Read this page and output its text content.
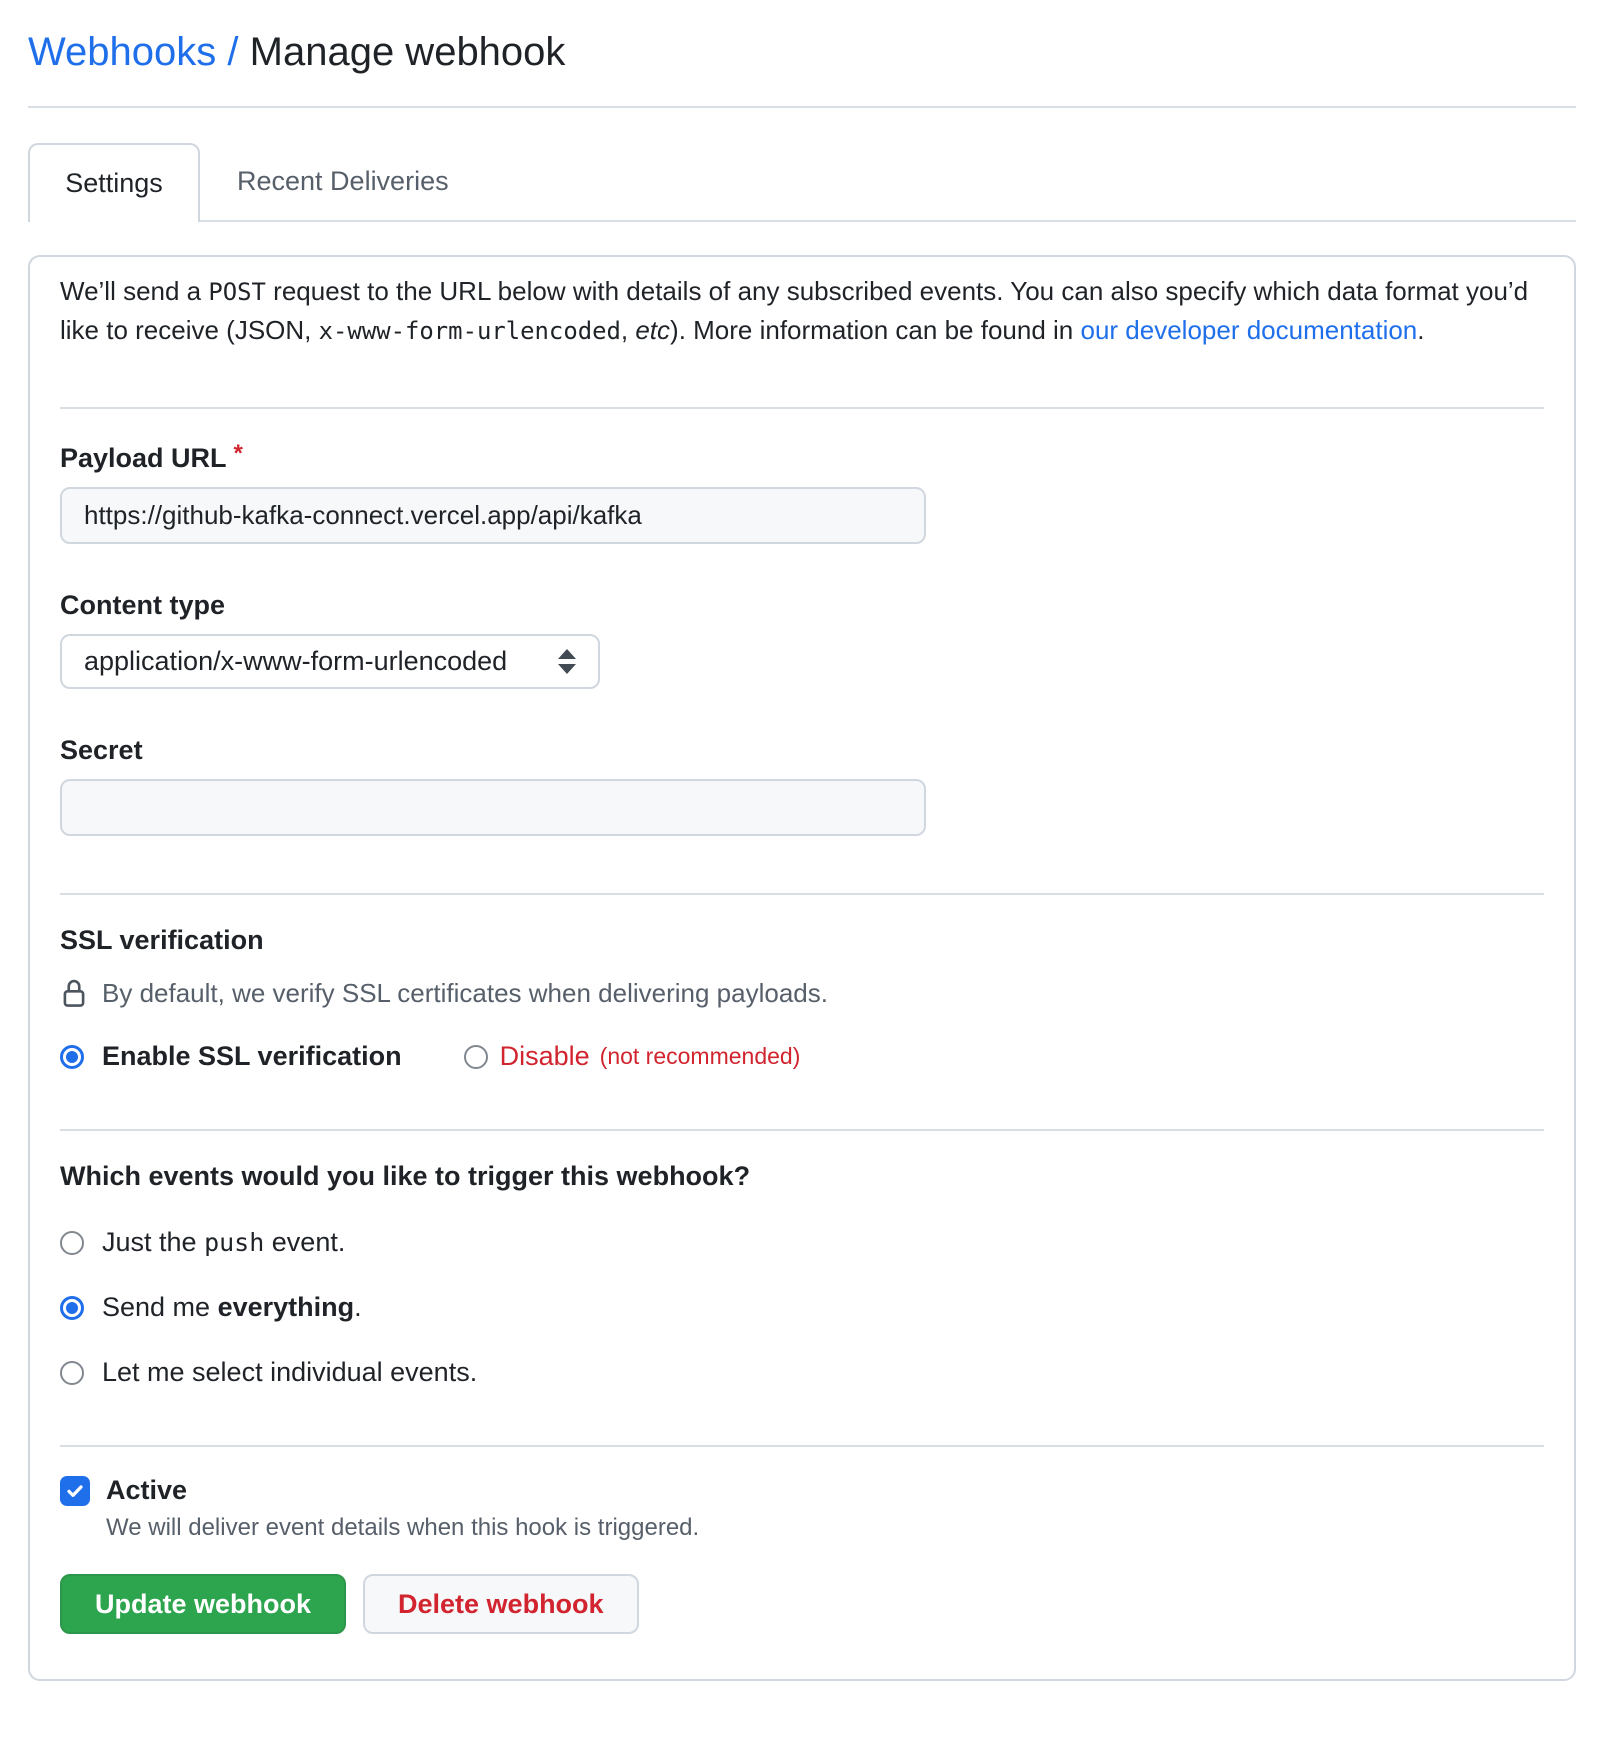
Webhooks / Manage webhook
Settings	Recent Deliveries

We’ll send a POST request to the URL below with details of any subscribed events. You can also specify which data format you’d like to receive (JSON, x-www-form-urlencoded, etc). More information can be found in our developer documentation.

Payload URL *
https://github-kafka-connect.vercel.app/api/kafka
Content type
application/x-www-form-urlencoded
Secret
SSL verification
By default, we verify SSL certificates when delivering payloads.
Enable SSL verification	Disable (not recommended)
Which events would you like to trigger this webhook?
Just the push event.
Send me everything.
Let me select individual events.
Active
We will deliver event details when this hook is triggered.
Update webhook	Delete webhook
